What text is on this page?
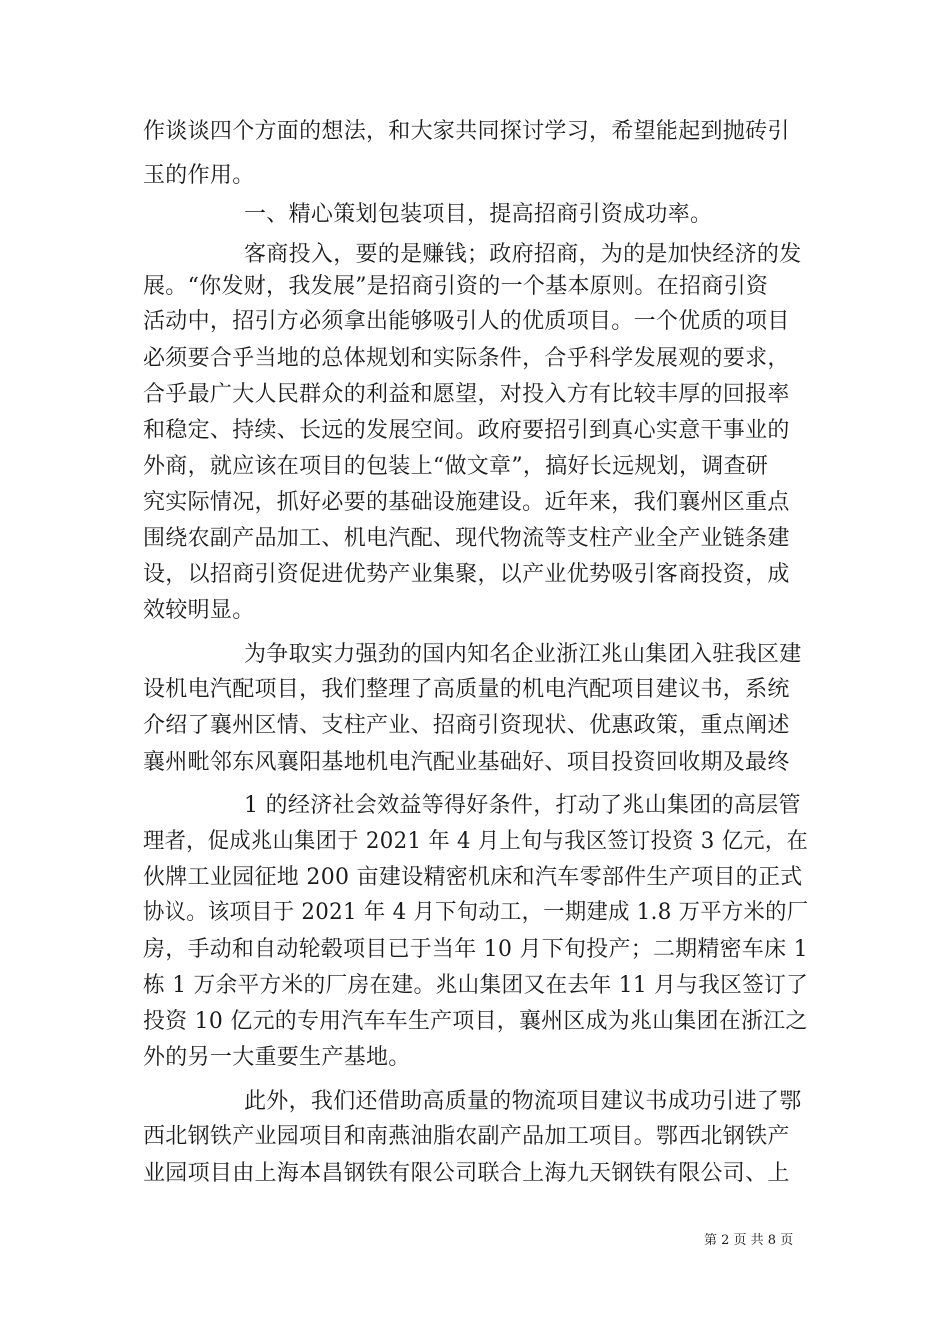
作谈谈四个方面的想法，和大家共同探讨学习，希望能起到抛砖引
玉的作用。
一、精心策划包装项目，提高招商引资成功率。
客商投入，要的是赚钱；政府招商，为的是加快经济的发
展。“你发财，我发展”是招商引资的一个基本原则。在招商引资
活动中，招引方必须拿出能够吸引人的优质项目。一个优质的项目
必须要合乎当地的总体规划和实际条件，合乎科学发展观的要求，
合乎最广大人民群众的利益和愿望，对投入方有比较丰厚的回报率
和稳定、持续、长远的发展空间。政府要招引到真心实意干事业的
外商，就应该在项目的包装上“做文章”，搞好长远规划，调查研
究实际情况，抓好必要的基础设施建设。近年来，我们襄州区重点
围绕农副产品加工、机电汽配、现代物流等支柱产业全产业链条建
设，以招商引资促进优势产业集聚，以产业优势吸引客商投资，成
效较明显。
为争取实力强劲的国内知名企业浙江兆山集团入驻我区建
设机电汽配项目，我们整理了高质量的机电汽配项目建议书，系统
介绍了襄州区情、支柱产业、招商引资现状、优惠政策，重点阐述
襄州毗邻东风襄阳基地机电汽配业基础好、项目投资回收期及最终
1 的经济社会效益等得好条件，打动了兆山集团的高层管
理者，促成兆山集团于 2021 年 4 月上旬与我区签订投资 3 亿元，在
伙牌工业园征地 200 亩建设精密机床和汽车零部件生产项目的正式
协议。该项目于 2021 年 4 月下旬动工，一期建成 1.8 万平方米的厂
房，手动和自动轮毂项目已于当年 10 月下旬投产；二期精密车床 1
栋 1 万余平方米的厂房在建。兆山集团又在去年 11 月与我区签订了
投资 10 亿元的专用汽车车生产项目，襄州区成为兆山集团在浙江之
外的另一大重要生产基地。
此外，我们还借助高质量的物流项目建议书成功引进了鄂
西北钢铁产业园项目和南燕油脂农副产品加工项目。鄂西北钢铁产
业园项目由上海本昌钢铁有限公司联合上海九天钢铁有限公司、上
第 2 页 共 8 页
